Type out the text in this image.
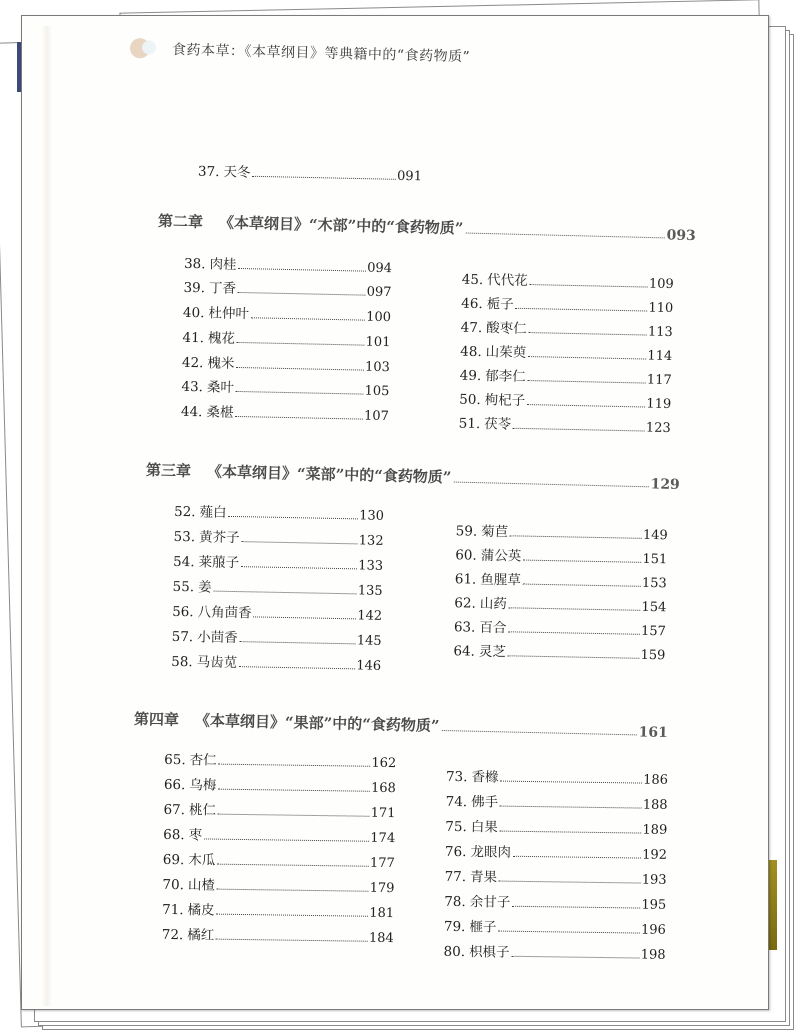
食药本草：《本草纲目》等典籍中的“食药物质”
37. 天冬	091
第二章 《本草纲目》“木部”中的“食药物质”	093
38. 肉桂	094
39. 丁香	097
40. 杜仲叶	100
41. 槐花	101
42. 槐米	103
43. 桑叶	105
44. 桑椹	107
45. 代代花	109
46. 栀子	110
47. 酸枣仁	113
48. 山茱萸	114
49. 郁李仁	117
50. 枸杞子	119
51. 茯苓	123
第三章 《本草纲目》“菜部”中的“食药物质”	129
52. 薤白	130
53. 黄芥子	132
54. 莱菔子	133
55. 姜	135
56. 八角茴香	142
57. 小茴香	145
58. 马齿苋	146
59. 菊苣	149
60. 蒲公英	151
61. 鱼腥草	153
62. 山药	154
63. 百合	157
64. 灵芝	159
第四章 《本草纲目》“果部”中的“食药物质”	161
65. 杏仁	162
66. 乌梅	168
67. 桃仁	171
68. 枣	174
69. 木瓜	177
70. 山楂	179
71. 橘皮	181
72. 橘红	184
73. 香橼	186
74. 佛手	188
75. 白果	189
76. 龙眼肉	192
77. 青果	193
78. 余甘子	195
79. 榧子	196
80. 枳椇子	198
